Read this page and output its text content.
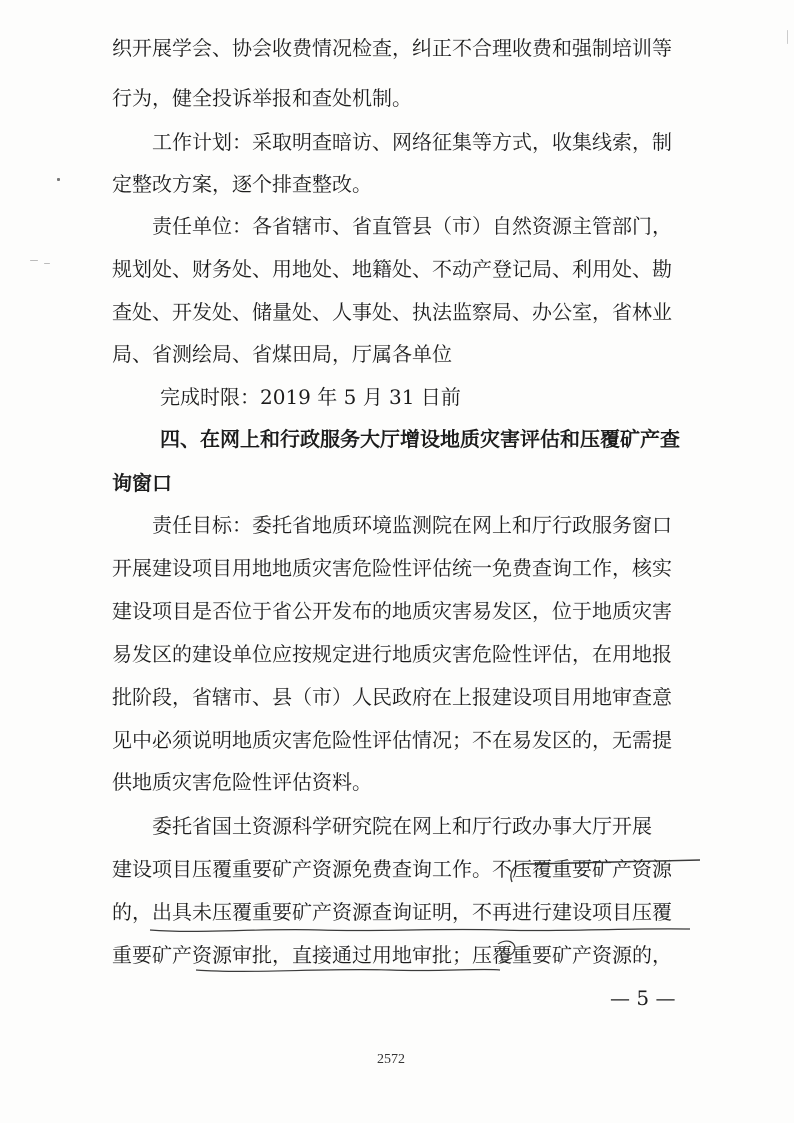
织开展学会、协会收费情况检查，纠正不合理收费和强制培训等
行为，健全投诉举报和查处机制。
工作计划：采取明查暗访、网络征集等方式，收集线索，制
定整改方案，逐个排查整改。
责任单位：各省辖市、省直管县（市）自然资源主管部门，
规划处、财务处、用地处、地籍处、不动产登记局、利用处、勘
查处、开发处、储量处、人事处、执法监察局、办公室，省林业
局、省测绘局、省煤田局，厅属各单位
完成时限：2019 年 5 月 31 日前
四、在网上和行政服务大厅增设地质灾害评估和压覆矿产查
询窗口
责任目标：委托省地质环境监测院在网上和厅行政服务窗口
开展建设项目用地地质灾害危险性评估统一免费查询工作，核实
建设项目是否位于省公开发布的地质灾害易发区，位于地质灾害
易发区的建设单位应按规定进行地质灾害危险性评估，在用地报
批阶段，省辖市、县（市）人民政府在上报建设项目用地审查意
见中必须说明地质灾害危险性评估情况；不在易发区的，无需提
供地质灾害危险性评估资料。
委托省国土资源科学研究院在网上和厅行政办事大厅开展
建设项目压覆重要矿产资源免费查询工作。不压覆重要矿产资源
的，出具未压覆重要矿产资源查询证明，不再进行建设项目压覆
重要矿产资源审批，直接通过用地审批；压覆重要矿产资源的，
— 5 —
2572
